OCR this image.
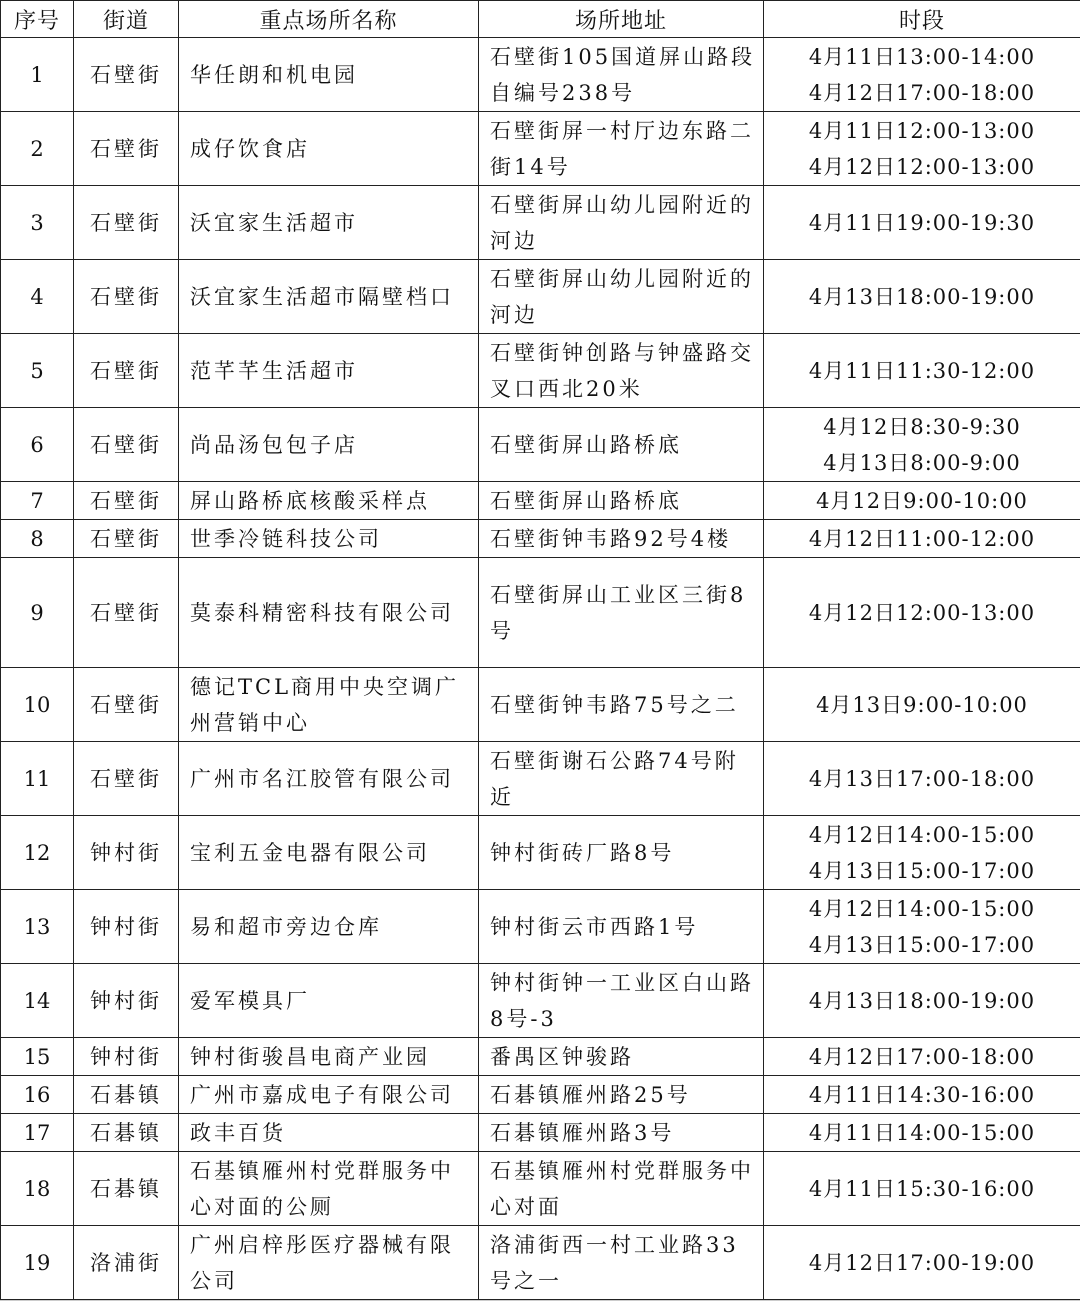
序号	街道	重点场所名称	场所地址	时段
1	石壁街	华任朗和机电园	石壁街105国道屏山路段自编号238号	4月11日13:00-14:00
4月12日17:00-18:00

2	石壁街	成仔饮食店	石壁街屏一村厅边东路二街14号	4月11日12:00-13:00
4月12日12:00-13:00

3	石壁街	沃宜家生活超市	石壁街屏山幼儿园附近的河边	4月11日19:00-19:30

4	石壁街	沃宜家生活超市隔壁档口	石壁街屏山幼儿园附近的河边	4月13日18:00-19:00

5	石壁街	范芊芊生活超市	石壁街钟创路与钟盛路交叉口西北20米	4月11日11:30-12:00

6	石壁街	尚品汤包包子店	石壁街屏山路桥底	4月12日8:30-9:30
4月13日8:00-9:00

7	石壁街	屏山路桥底核酸采样点	石壁街屏山路桥底	4月12日9:00-10:00

8	石壁街	世季冷链科技公司	石壁街钟韦路92号4楼	4月12日11:00-12:00

9	石壁街	莫泰科精密科技有限公司	石壁街屏山工业区三街8号	4月12日12:00-13:00

10	石壁街	德记TCL商用中央空调广州营销中心	石壁街钟韦路75号之二	4月13日9:00-10:00

11	石壁街	广州市名江胶管有限公司	石壁街谢石公路74号附近	4月13日17:00-18:00

12	钟村街	宝利五金电器有限公司	钟村街砖厂路8号	4月12日14:00-15:00
4月13日15:00-17:00

13	钟村街	易和超市旁边仓库	钟村街云市西路1号	4月12日14:00-15:00
4月13日15:00-17:00

14	钟村街	爱军模具厂	钟村街钟一工业区白山路8号-3	4月13日18:00-19:00

15	钟村街	钟村街骏昌电商产业园	番禺区钟骏路	4月12日17:00-18:00

16	石碁镇	广州市嘉成电子有限公司	石碁镇雁州路25号	4月11日14:30-16:00

17	石碁镇	政丰百货	石碁镇雁州路3号	4月11日14:00-15:00

18	石碁镇	石基镇雁州村党群服务中心对面的公厕	石基镇雁州村党群服务中心对面	4月11日15:30-16:00

19	洛浦街	广州启梓彤医疗器械有限公司	洛浦街西一村工业路33号之一	4月12日17:00-19:00
